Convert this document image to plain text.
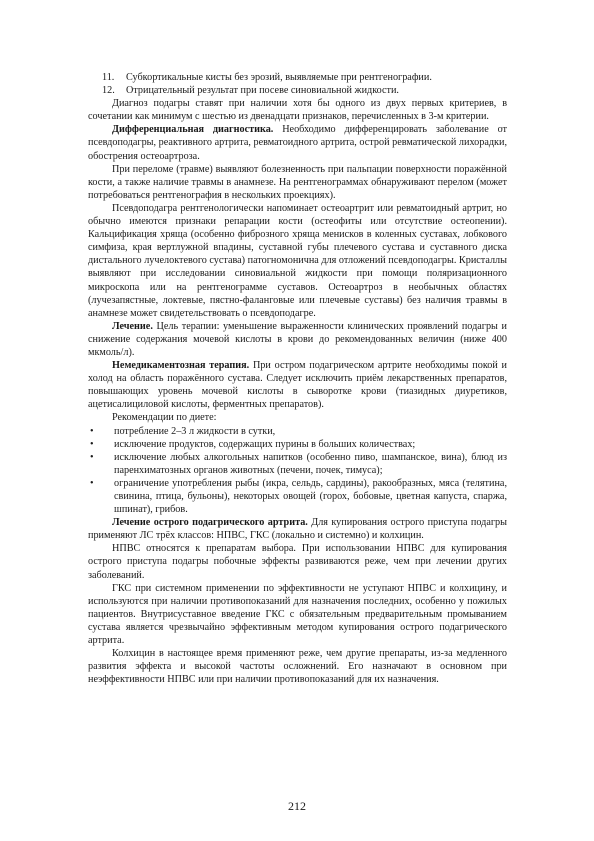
11.	Субкортикальные кисты без эрозий, выявляемые при рентгенографии.
12.	Отрицательный результат при посеве синовиальной жидкости.

Диагноз подагры ставят при наличии хотя бы одного из двух первых критериев, в сочетании как минимум с шестью из двенадцати признаков, перечисленных в 3-м критерии.

Дифференциальная диагностика. Необходимо дифференцировать заболевание от псевдоподагры, реактивного артрита, ревматоидного артрита, острой ревматической лихорадки, обострения остеоартроза.

При переломе (травме) выявляют болезненность при пальпации поверхности поражённой кости, а также наличие травмы в анамнезе. На рентгенограммах обнаруживают перелом (может потребоваться рентгенография в нескольких проекциях).

Псевдоподагра рентгенологически напоминает остеоартрит или ревматоидный артрит, но обычно имеются признаки репарации кости (остеофиты или отсутствие остеопении). Кальцификация хряща (особенно фиброзного хряща менисков в коленных суставах, лобкового симфиза, края вертлужной впадины, суставной губы плечевого сустава и суставного диска дистального лучелоктевого сустава) патогномонична для отложений псевдоподагры. Кристаллы выявляют при исследовании синовиальной жидкости при помощи поляризационного микроскопа или на рентгенограмме суставов. Остеоартроз в необычных областях (лучезапястные, локтевые, пястно-фаланговые или плечевые суставы) без наличия травмы в анамнезе может свидетельствовать о псевдоподагре.

Лечение. Цель терапии: уменьшение выраженности клинических проявлений подагры и снижение содержания мочевой кислоты в крови до рекомендованных величин (ниже 400 мкмоль/л).

Немедикаментозная терапия. При остром подагрическом артрите необходимы покой и холод на область поражённого сустава. Следует исключить приём лекарственных препаратов, повышающих уровень мочевой кислоты в сыворотке крови (тиазидных диуретиков, ацетисалициловой кислоты, ферментных препаратов).

Рекомендации по диете:

•	потребление 2–3 л жидкости в сутки,
•	исключение продуктов, содержащих пурины в больших количествах;
•	исключение любых алкогольных напитков (особенно пиво, шампанское, вина), блюд из паренхиматозных органов животных (печени, почек, тимуса);
•	ограничение употребления рыбы (икра, сельдь, сардины), ракообразных, мяса (телятина, свинина, птица, бульоны), некоторых овощей (горох, бобовые, цветная капуста, спаржа, шпинат), грибов.

Лечение острого подагрического артрита. Для купирования острого приступа подагры применяют ЛС трёх классов: НПВС, ГКС (локально и системно) и колхицин.

НПВС относятся к препаратам выбора. При использовании НПВС для купирования острого приступа подагры побочные эффекты развиваются реже, чем при лечении других заболеваний.

ГКС при системном применении по эффективности не уступают НПВС и колхицину, и используются при наличии противопоказаний для назначения последних, особенно у пожилых пациентов. Внутрисуставное введение ГКС с обязательным предварительным промыванием сустава является чрезвычайно эффективным методом купирования острого подагрического артрита.

Колхицин в настоящее время применяют реже, чем другие препараты, из-за медленного развития эффекта и высокой частоты осложнений. Его назначают в основном при неэффективности НПВС или при наличии противопоказаний для их назначения.

212
